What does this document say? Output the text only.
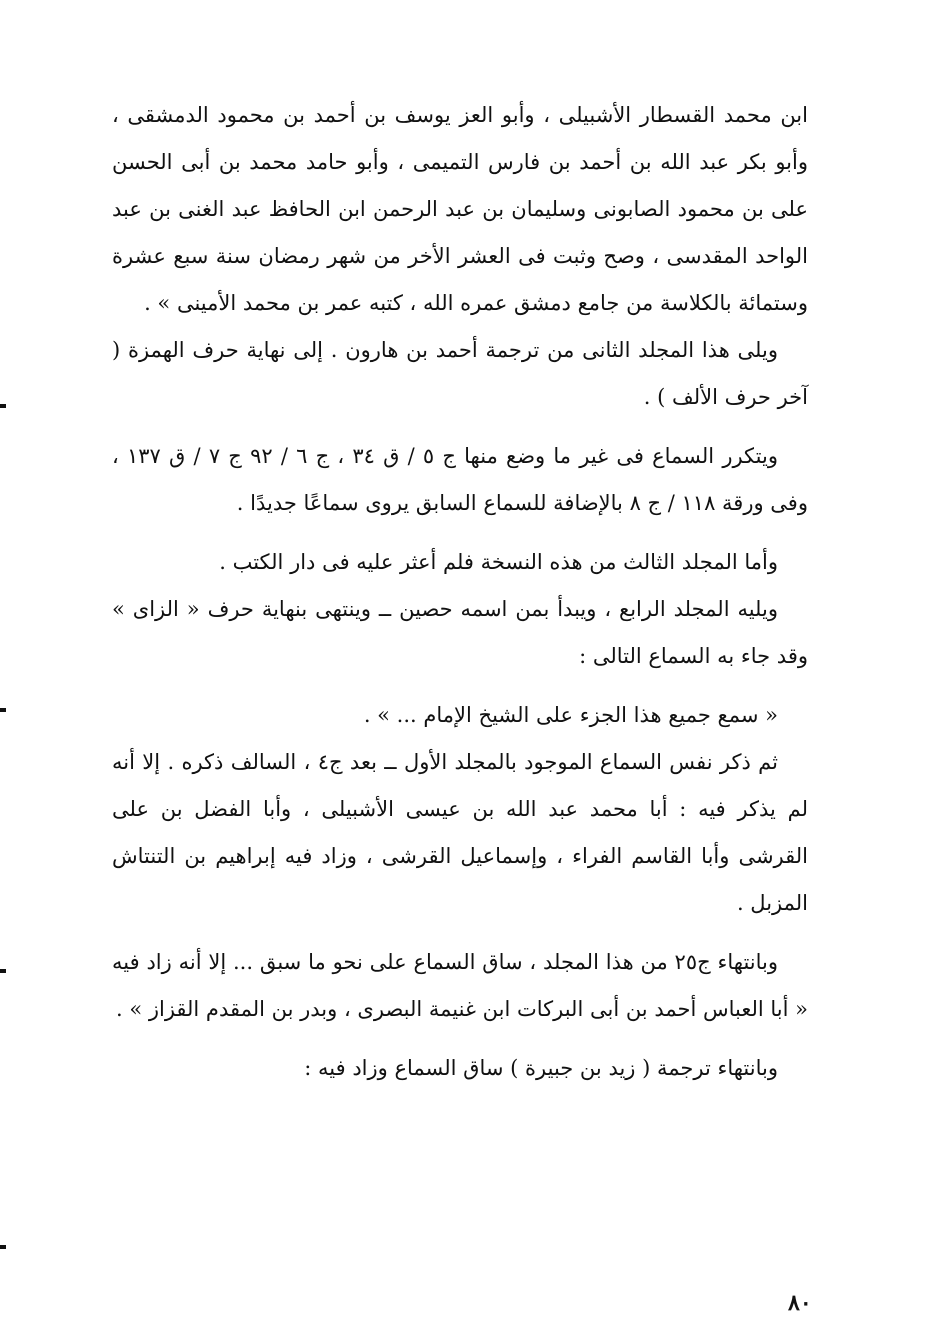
ابن محمد القسطار الأشبيلى ، وأبو العز يوسف بن أحمد بن محمود الدمشقى ، وأبو بكر عبد الله بن أحمد بن فارس التميمى ، وأبو حامد محمد بن أبى الحسن على بن محمود الصابونى وسليمان بن عبد الرحمن ابن الحافظ عبد الغنى بن عبد الواحد المقدسى ، وصح وثبت فى العشر الأخر من شهر رمضان سنة سبع عشرة وستمائة بالكلاسة من جامع دمشق عمره الله ، كتبه عمر بن محمد الأمينى » .

ويلى هذا المجلد الثانى من ترجمة أحمد بن هارون . إلى نهاية حرف الهمزة ( آخر حرف الألف ) .

ويتكرر السماع فى غير ما وضع منها ج ٥ / ق ٣٤ ، ج ٦ / ٩٢ ج ٧ / ق ١٣٧ ، وفى ورقة ١١٨ / ج ٨ بالإضافة للسماع السابق يروى سماعًا جديدًا .

وأما المجلد الثالث من هذه النسخة فلم أعثر عليه فى دار الكتب .

ويليه المجلد الرابع ، ويبدأ بمن اسمه حصين ــ وينتهى بنهاية حرف « الزاى » وقد جاء به السماع التالى :

« سمع جميع هذا الجزء على الشيخ الإمام ... » .

ثم ذكر نفس السماع الموجود بالمجلد الأول ــ بعد ج٤ ، السالف ذكره . إلا أنه لم يذكر فيه : أبا محمد عبد الله بن عيسى الأشبيلى ، وأبا الفضل بن على القرشى وأبا القاسم الفراء ، وإسماعيل القرشى ، وزاد فيه إبراهيم بن التنتاش المزبل .

وبانتهاء ج٢٥ من هذا المجلد ، ساق السماع على نحو ما سبق ... إلا أنه زاد فيه « أبا العباس أحمد بن أبى البركات ابن غنيمة البصرى ، وبدر بن المقدم القزاز » .

وبانتهاء ترجمة ( زيد بن جبيرة ) ساق السماع وزاد فيه :

٨٠
